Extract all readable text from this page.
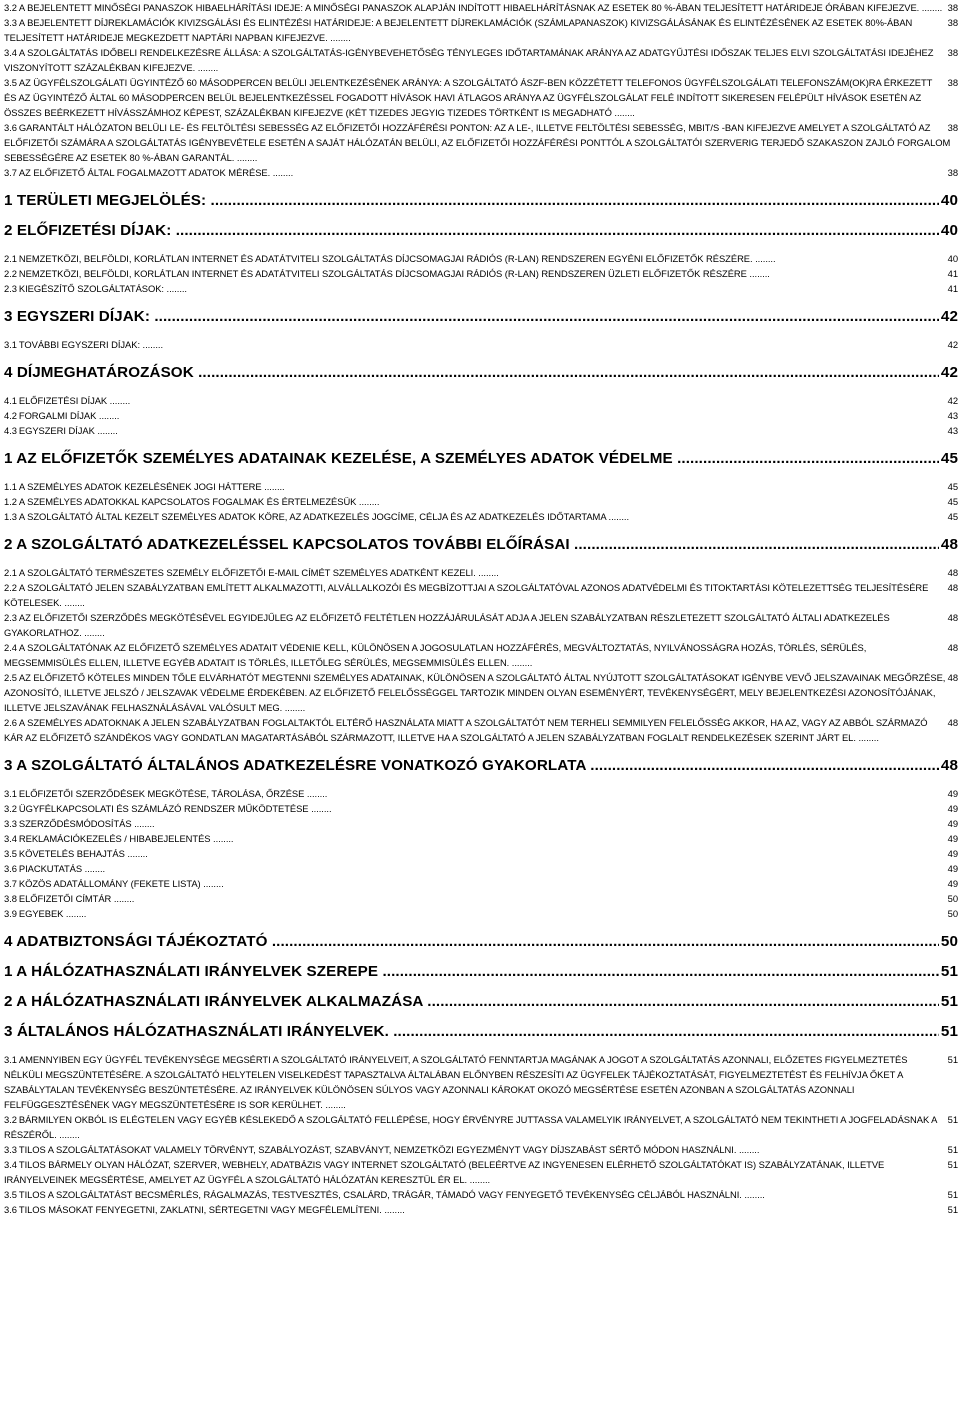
38
3.2 A BEJELENTETT MINŐSÉGI PANASZOK HIBAELHÁRÍTÁSI IDEJE: A MINŐSÉGI PANASZOK ALAPJÁN INDÍTOTT HIBAELHÁRÍTÁSNAK AZ ESETEK 80 %-ÁBAN TELJESÍTETT HATÁRIDEJE ÓRÁBAN KIFEJEZVE. ........
38
3.3 A BEJELENTETT DÍJREKLAMÁCIÓK KIVIZSGÁLÁSI ÉS ELINTÉZÉSI HATÁRIDEJE: A BEJELENTETT DÍJREKLAMÁCIÓK (SZÁMLAPANASZOK) KIVIZSGÁLÁSÁNAK ÉS ELINTÉZÉSÉNEK AZ ESETEK 80%-ÁBAN TELJESÍTETT HATÁRIDEJE MEGKEZDETT NAPTÁRI NAPBAN KIFEJEZVE. ........
38
3.4 A SZOLGÁLTATÁS IDŐBELI RENDELKEZÉSRE ÁLLÁSA: A SZOLGÁLTATÁS-IGÉNYBEVEHETŐSÉG TÉNYLEGES IDŐTARTAMÁNAK ARÁNYA AZ ADATGYŰJTÉSI IDŐSZAK TELJES ELVI SZOLGÁLTATÁSI IDEJÉHEZ VISZONYÍTOTT SZÁZALÉKBAN KIFEJEZVE. ........
38
3.5 AZ ÜGYFÉLSZOLGÁLATI ÜGYINTÉZŐ 60 MÁSODPERCEN BELÜLI JELENTKEZÉSÉNEK ARÁNYA: A SZOLGÁLTATÓ ÁSZF-BEN KÖZZÉTETT TELEFONOS ÜGYFÉLSZOLGÁLATI TELEFONSZÁM(OK)RA ÉRKEZETT ÉS AZ ÜGYINTÉZŐ ÁLTAL 60 MÁSODPERCEN BELÜL BEJELENTKEZÉSSEL FOGADOTT HÍVÁSOK HAVI ÁTLAGOS ARÁNYA AZ ÜGYFÉLSZOLGÁLAT FELÉ INDÍTOTT SIKERESEN FELÉPÜLT HÍVÁSOK ESETÉN AZ ÖSSZES BEÉRKEZETT HÍVÁSSZÁMHOZ KÉPEST, SZÁZALÉKBAN KIFEJEZVE (KÉT TIZEDES JEGYIG TIZEDES TÖRTKÉNT IS MEGADHATÓ ........
38
3.6 GARANTÁLT HÁLÓZATON BELÜLI LE- ÉS FELTÖLTÉSI SEBESSÉG AZ ELŐFIZETŐI HOZZÁFÉRÉSI PONTON: AZ A LE-, ILLETVE FELTÖLTÉSI SEBESSÉG, MBIT/S -BAN KIFEJEZVE AMELYET A SZOLGÁLTATÓ AZ ELŐFIZETŐI SZÁMÁRA A SZOLGÁLTATÁS IGÉNYBEVÉTELE ESETÉN A SAJÁT HÁLÓZATÁN BELÜLI, AZ ELŐFIZETŐI HOZZÁFÉRÉSI PONTTÓL A SZOLGÁLTATÓI SZERVERIG TERJEDŐ SZAKASZON ZAJLÓ FORGALOM SEBESSÉGÉRE AZ ESETEK 80 %-ÁBAN GARANTÁL. ........
38
3.7 AZ ELŐFIZETŐ ÁLTAL FOGALMAZOTT ADATOK MÉRÉSE. ........
40
1 TERÜLETI MEGJELÖLÉS: .....
40
2 ELŐFIZETÉSI DÍJAK: .....
40
2.1 NEMZETKÖZI, BELFÖLDI, KORLÁTLAN INTERNET ÉS ADATÁTVITELI SZOLGÁLTATÁS DÍJCSOMAGJAI RÁDIÓS (R-LAN) RENDSZEREN EGYÉNI ELŐFIZETŐK RÉSZÉRE. ........
41
2.2 NEMZETKÖZI, BELFÖLDI, KORLÁTLAN INTERNET ÉS ADATÁTVITELI SZOLGÁLTATÁS DÍJCSOMAGJAI RÁDIÓS (R-LAN) RENDSZEREN ÜZLETI ELŐFIZETŐK RÉSZÉRE ........
41
2.3 KIEGÉSZÍTŐ SZOLGÁLTATÁSOK: ........
42
3 EGYSZERI DÍJAK: .....
42
3.1 TOVÁBBI EGYSZERI DÍJAK: ........
42
4 DÍJMEGHATÁROZÁSOK .....
42
4.1 ELŐFIZETÉSI DÍJAK ........
43
4.2 FORGALMI DÍJAK ........
43
4.3 EGYSZERI DÍJAK ........
45
1 AZ ELŐFIZETŐK SZEMÉLYES ADATAINAK KEZELÉSE, A SZEMÉLYES ADATOK VÉDELME .....
45
1.1 A SZEMÉLYES ADATOK KEZELÉSÉNEK JOGI HÁTTERE ........
45
1.2 A SZEMÉLYES ADATOKKAL KAPCSOLATOS FOGALMAK ÉS ÉRTELMEZÉSÜK ........
45
1.3 A SZOLGÁLTATÓ ÁLTAL KEZELT SZEMÉLYES ADATOK KÖRE, AZ ADATKEZELÉS JOGCÍME, CÉLJA ÉS AZ ADATKEZELÉS IDŐTARTAMA ........
48
2 A SZOLGÁLTATÓ ADATKEZELÉSSEL KAPCSOLATOS TOVÁBBI ELŐÍRÁSAI .....
48
2.1 A SZOLGÁLTATÓ TERMÉSZETES SZEMÉLY ELŐFIZETŐI E-MAIL CÍMÉT SZEMÉLYES ADATKÉNT KEZELI. ........
48
2.2 A SZOLGÁLTATÓ JELEN SZABÁLYZATBAN EMLÍTETT ALKALMAZOTTI, ALVÁLLALKOZÓI ÉS MEGBÍZOTTJAI A SZOLGÁLTATÓVAL AZONOS ADATVÉDELMI ÉS TITOKTARTÁSI KÖTELEZETTSÉG TELJESÍTÉSÉRE KÖTELESEK. ........
48
2.3 AZ ELŐFIZETŐI SZERZŐDÉS MEGKÖTÉSÉVEL EGYIDEJŰLEG AZ ELŐFIZETŐ FELTÉTLEN HOZZÁJÁRULÁSÁT ADJA A JELEN SZABÁLYZATBAN RÉSZLETEZETT SZOLGÁLTATÓ ÁLTALI ADATKEZELÉS GYAKORLATHOZ. ........
48
2.4 A SZOLGÁLTATÓNAK AZ ELŐFIZETŐ SZEMÉLYES ADATAIT VÉDENIE KELL, KÜLÖNÖSEN A JOGOSULATLAN HOZZÁFÉRÉS, MEGVÁLTOZTATÁS, NYILVÁNOSSÁGRA HOZÁS, TÖRLÉS, SÉRÜLÉS, MEGSEMMISÜLÉS ELLEN, ILLETVE EGYÉB ADATAIT IS TÖRLÉS, ILLETŐLEG SÉRÜLÉS, MEGSEMMISÜLÉS ELLEN. ........
48
2.5 AZ ELŐFIZETŐ KÖTELES MINDEN TŐLE ELVÁRHATÓT MEGTENNI SZEMÉLYES ADATAINAK, KÜLÖNÖSEN A SZOLGÁLTATÓ ÁLTAL NYÚJTOTT SZOLGÁLTATÁSOKAT IGÉNYBE VEVŐ JELSZAVAINAK MEGŐRZÉSE, AZONOSÍTÓ, ILLETVE JELSZÓ / JELSZAVAK VÉDELME ÉRDEKÉBEN. AZ ELŐFIZETŐ FELELŐSSÉGGEL TARTOZIK MINDEN OLYAN ESEMÉNYÉRT, TEVÉKENYSÉGÉRT, MELY BEJELENTKEZÉSI AZONOSÍTÓJÁNAK, ILLETVE JELSZAVÁNAK FELHASZNÁLÁSÁVAL VALÓSULT MEG. ........
48
2.6 A SZEMÉLYES ADATOKNAK A JELEN SZABÁLYZATBAN FOGLALTAKTÓL ELTÉRŐ HASZNÁLATA MIATT A SZOLGÁLTATÓT NEM TERHELI SEMMILYEN FELELŐSSÉG AKKOR, HA AZ, VAGY AZ ABBÓL SZÁRMAZÓ KÁR AZ ELŐFIZETŐ SZÁNDÉKOS VAGY GONDATLAN MAGATARTÁSÁBÓL SZÁRMAZOTT, ILLETVE HA A SZOLGÁLTATÓ A JELEN SZABÁLYZATBAN FOGLALT RENDELKEZÉSEK SZERINT JÁRT EL. ........
48
3 A SZOLGÁLTATÓ ÁLTALÁNOS ADATKEZELÉSRE VONATKOZÓ GYAKORLATA .....
49
3.1 ELŐFIZETŐI SZERZŐDÉSEK MEGKÖTÉSE, TÁROLÁSA, ŐRZÉSE ........
49
3.2 ÜGYFÉLKAPCSOLATI ÉS SZÁMLÁZÓ RENDSZER MŰKÖDTETÉSE ........
49
3.3 SZERZŐDÉSMÓDOSÍTÁS ........
49
3.4 REKLAMÁCIÓKEZELÉS / HIBABEJELENTÉS ........
49
3.5 KÖVETELÉS BEHAJTÁS ........
49
3.6 PIACKUTATÁS ........
49
3.7 KÖZÖS ADATÁLLOMÁNY (FEKETE LISTA) ........
50
3.8 ELŐFIZETŐI CÍMTÁR ........
50
3.9 EGYEBEK ........
50
4 ADATBIZTONSÁGI TÁJÉKOZTATÓ .....
51
1 A HÁLÓZATHASZNÁLATI IRÁNYELVEK SZEREPE .....
51
2 A HÁLÓZATHASZNÁLATI IRÁNYELVEK ALKALMAZÁSA .....
51
3 ÁLTALÁNOS HÁLÓZATHASZNÁLATI IRÁNYELVEK. .....
51
3.1 AMENNYIBEN EGY ÜGYFÉL TEVÉKENYSÉGE MEGSÉRTI A SZOLGÁLTATÓ IRÁNYELVEIT, A SZOLGÁLTATÓ FENNTARTJA MAGÁNAK A JOGOT A SZOLGÁLTATÁS AZONNALI, ELŐZETES FIGYELMEZTETÉS NÉLKÜLI MEGSZÜNTETÉSÉRE. A SZOLGÁLTATÓ HELYTELEN VISELKEDÉST TAPASZTALVA ÁLTALÁBAN ELŐNYBEN RÉSZESÍTI AZ ÜGYFELEK TÁJÉKOZTATÁSÁT, FIGYELMEZTETÉST ÉS FELHÍVJA ŐKET A SZABÁLYTALAN TEVÉKENYSÉG BESZÜNTETÉSÉRE. AZ IRÁNYELVEK KÜLÖNÖSEN SÚLYOS VAGY AZONNALI KÁROKAT OKOZÓ MEGSÉRTÉSE ESETÉN AZONBAN A SZOLGÁLTATÁS AZONNALI FELFÜGGESZTÉSÉNEK VAGY MEGSZÜNTETÉSÉRE IS SOR KERÜLHET. ........
51
3.2 BÁRMILYEN OKBÓL IS ELÉGTELEN VAGY EGYÉB KÉSLEKEDŐ A SZOLGÁLTATÓ FELLÉPÉSE, HOGY ÉRVÉNYRE JUTTASSA VALAMELYIK IRÁNYELVET, A SZOLGÁLTATÓ NEM TEKINTHETI A JOGFELADÁSNAK A RÉSZÉRŐL. ........
51
3.3 TILOS A SZOLGÁLTATÁSOKAT VALAMELY TÖRVÉNYT, SZABÁLYOZÁST, SZABVÁNYT, NEMZETKÖZI EGYEZMÉNYT VAGY DÍJSZABÁST SÉRTŐ MÓDON HASZNÁLNI. ........
51
3.4 TILOS BÁRMELY OLYAN HÁLÓZAT, SZERVER, WEBHELY, ADATBÁZIS VAGY INTERNET SZOLGÁLTATÓ (BELEÉRTVE AZ INGYENESEN ELÉRHETŐ SZOLGÁLTATÓKAT IS) SZABÁLYZATÁNAK, ILLETVE IRÁNYELVEINEK MEGSÉRTÉSE, AMELYET AZ ÜGYFÉL A SZOLGÁLTATÓ HÁLÓZATÁN KERESZTÜL ÉR EL. ........
51
3.5 TILOS A SZOLGÁLTATÁST BECSMÉRLÉS, RÁGALMAZÁS, TESTVESZTÉS, CSALÁRD, TRÁGÁR, TÁMADÓ VAGY FENYEGETŐ TEVÉKENYSÉG CÉLJÁBÓL HASZNÁLNI. ........
51
3.6 TILOS MÁSOKAT FENYEGETNI, ZAKLATNI, SÉRTEGETNI VAGY MEGFÉLEMLÍTENI. ........
